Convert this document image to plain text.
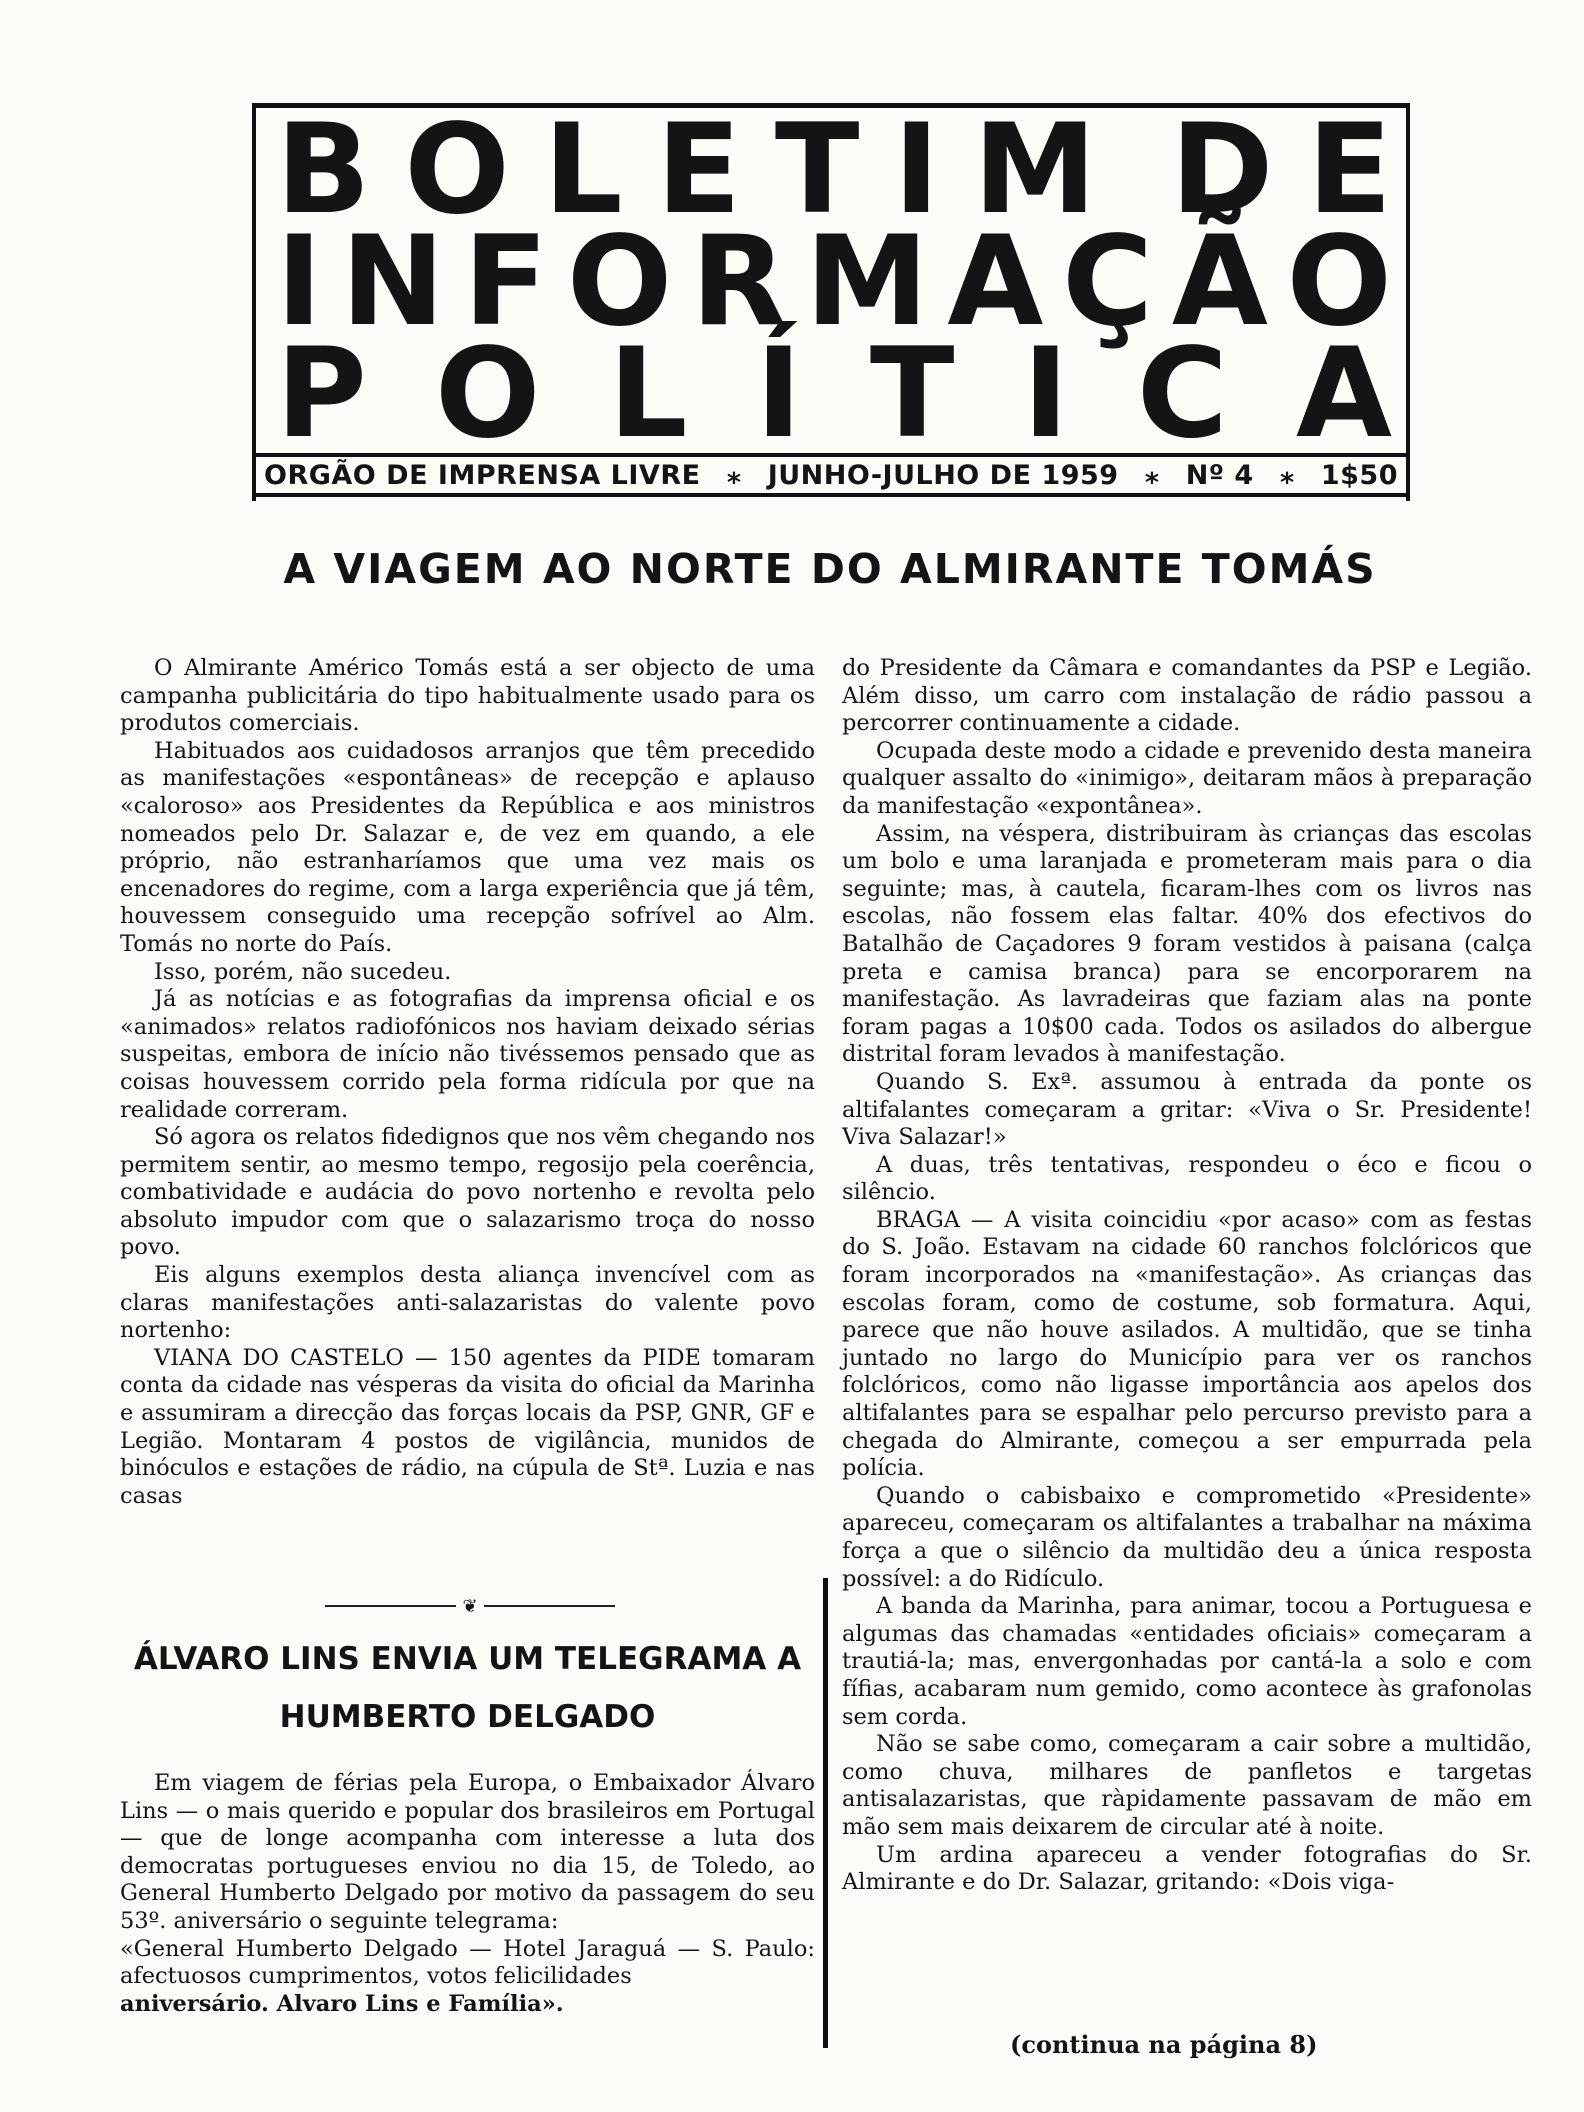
B O L E T I M D E
I N F O R M A Ç Ã O
P O L Í T I C A
ORGÃO DE IMPRENSA LIVRE ⁎ JUNHO-JULHO DE 1959 ⁎ Nº 4 ⁎ 1$50
A VIAGEM AO NORTE DO ALMIRANTE TOMÁS

O Almirante Américo Tomás está a ser objecto de uma campanha publicitária do tipo habitualmente usado para os produtos comerciais.

Habituados aos cuidadosos arranjos que têm precedido as manifestações «espontâneas» de recepção e aplauso «caloroso» aos Presidentes da República e aos ministros nomeados pelo Dr. Salazar e, de vez em quando, a ele próprio, não estranharíamos que uma vez mais os encenadores do regime, com a larga experiência que já têm, houvessem conseguido uma recepção sofrível ao Alm. Tomás no norte do País.

Isso, porém, não sucedeu.

Já as notícias e as fotografias da imprensa oficial e os «animados» relatos radiofónicos nos haviam deixado sérias suspeitas, embora de início não tivéssemos pensado que as coisas houvessem corrido pela forma ridícula por que na realidade correram.

Só agora os relatos fidedignos que nos vêm chegando nos permitem sentir, ao mesmo tempo, regosijo pela coerência, combatividade e audácia do povo nortenho e revolta pelo absoluto impudor com que o salazarismo troça do nosso povo.

Eis alguns exemplos desta aliança invencível com as claras manifestações anti-salazaristas do valente povo nortenho:

VIANA DO CASTELO — 150 agentes da PIDE tomaram conta da cidade nas vésperas da visita do oficial da Marinha e assumiram a direcção das forças locais da PSP, GNR, GF e Legião. Montaram 4 postos de vigilância, munidos de binóculos e estações de rádio, na cúpula de Stª. Luzia e nas casas

❦
ÁLVARO LINS ENVIA UM TELEGRAMA A
HUMBERTO DELGADO

Em viagem de férias pela Europa, o Embaixador Álvaro Lins — o mais querido e popular dos brasileiros em Portugal — que de longe acompanha com interesse a luta dos democratas portugueses enviou no dia 15, de Toledo, ao General Humberto Delgado por motivo da passagem do seu 53º. aniversário o seguinte telegrama:

«General Humberto Delgado — Hotel Jaraguá — S. Paulo: afectuosos cumprimentos, votos felicilidades

aniversário. Alvaro Lins e Família».

do Presidente da Câmara e comandantes da PSP e Legião. Além disso, um carro com instalação de rádio passou a percorrer continuamente a cidade.

Ocupada deste modo a cidade e prevenido desta maneira qualquer assalto do «inimigo», deitaram mãos à preparação da manifestação «expontânea».

Assim, na véspera, distribuiram às crianças das escolas um bolo e uma laranjada e prometeram mais para o dia seguinte; mas, à cautela, ficaram-lhes com os livros nas escolas, não fossem elas faltar. 40% dos efectivos do Batalhão de Caçadores 9 foram vestidos à paisana (calça preta e camisa branca) para se encorporarem na manifestação. As lavradeiras que faziam alas na ponte foram pagas a 10$00 cada. Todos os asilados do albergue distrital foram levados à manifestação.

Quando S. Exª. assumou à entrada da ponte os altifalantes começaram a gritar: «Viva o Sr. Presidente! Viva Salazar!»

A duas, três tentativas, respondeu o éco e ficou o silêncio.

BRAGA — A visita coincidiu «por acaso» com as festas do S. João. Estavam na cidade 60 ranchos folclóricos que foram incorporados na «manifestação». As crianças das escolas foram, como de costume, sob formatura. Aqui, parece que não houve asilados. A multidão, que se tinha juntado no largo do Município para ver os ranchos folclóricos, como não ligasse importância aos apelos dos altifalantes para se espalhar pelo percurso previsto para a chegada do Almirante, começou a ser empurrada pela polícia.

Quando o cabisbaixo e comprometido «Presidente» apareceu, começaram os altifalantes a trabalhar na máxima força a que o silêncio da multidão deu a única resposta possível: a do Ridículo.

A banda da Marinha, para animar, tocou a Portuguesa e algumas das chamadas «entidades oficiais» começaram a trautiá-la; mas, envergonhadas por cantá-la a solo e com fífias, acabaram num gemido, como acontece às grafonolas sem corda.

Não se sabe como, começaram a cair sobre a multidão, como chuva, milhares de panfletos e targetas antisalazaristas, que ràpidamente passavam de mão em mão sem mais deixarem de circular até à noite.

Um ardina apareceu a vender fotografias do Sr. Almirante e do Dr. Salazar, gritando: «Dois viga-

(continua na página 8)
